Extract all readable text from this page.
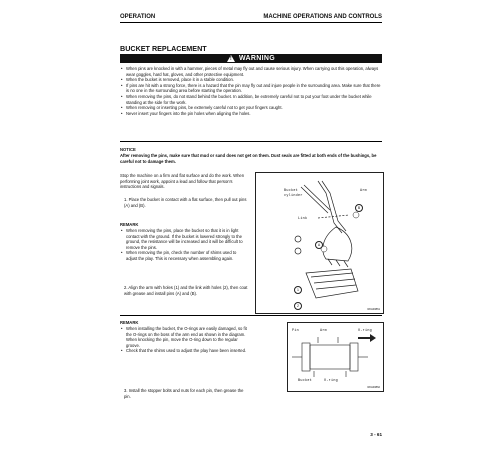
OPERATION	MACHINE OPERATIONS AND CONTROLS
BUCKET REPLACEMENT
! WARNING
• When pins are knocked in with a hammer, pieces of metal may fly out and cause serious injury. When carrying out this operation, always wear goggles, hard hat, gloves, and other protective equipment.
• When the bucket is removed, place it in a stable condition.
• If pins are hit with a strong force, there is a hazard that the pin may fly out and injure people in the surrounding area. Make sure that there is no one in the surrounding area before starting the operation.
• When removing the pins, do not stand behind the bucket. In addition, be extremely careful not to put your foot under the bucket while standing at the side for the work.
• When removing or inserting pins, be extremely careful not to get your fingers caught.
• Never insert your fingers into the pin holes when aligning the holes.
NOTICE
After removing the pins, make sure that mud or sand does not get on them. Dust seals are fitted at both ends of the bushings, be careful not to damage them.
Stop the machine on a firm and flat surface and do the work. When performing joint work, appoint a lead and follow that person's instructions and signals.
1. Place the bucket in contact with a flat surface, then pull out pins (A) and (B).
REMARK
• When removing the pins, place the bucket so that it is in light contact with the ground. If the bucket is lowered strongly to the ground, the resistance will be increased and it will be difficult to remove the pins.
• When removing the pin, check the number of shims used to adjust the play. This is necessary when assembling again.
2. Align the arm with holes (1) and the link with holes (2), then coat with grease and install pins (A) and (B).
REMARK
• When installing the bucket, the O-rings are easily damaged, so fit the O-rings on the boss of the arm end as shown in the diagram. When knocking the pin, move the O-ring down to the regular groove.
• Check that the shims used to adjust the play have been inserted.
3. Install the stopper bolts and nuts for each pin, then grease the pin.
Bucket
cylinder
Arm
Link
B
A
1
2
RKA00861
Pin	Arm	O-ring
Bucket	O-ring
RKA00862
3 - 61
